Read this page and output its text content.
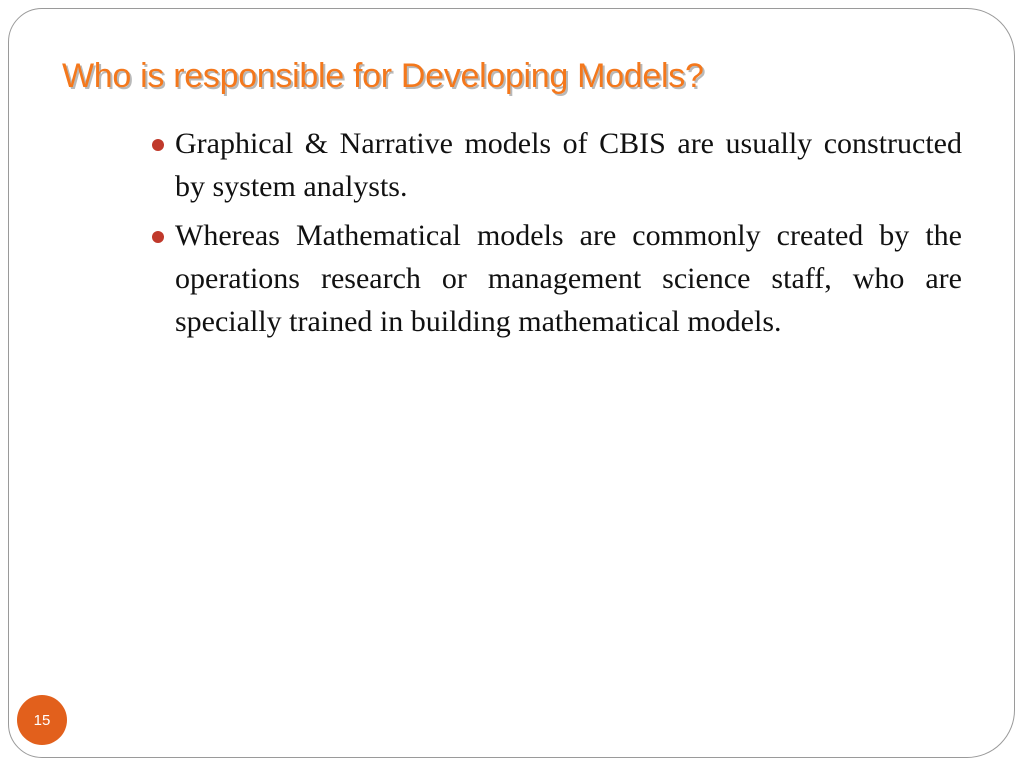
Who is responsible for Developing Models?
Graphical & Narrative models of CBIS are usually constructed by system analysts.
Whereas Mathematical models are commonly created by the operations research or management science staff, who are specially trained in building mathematical models.
15
